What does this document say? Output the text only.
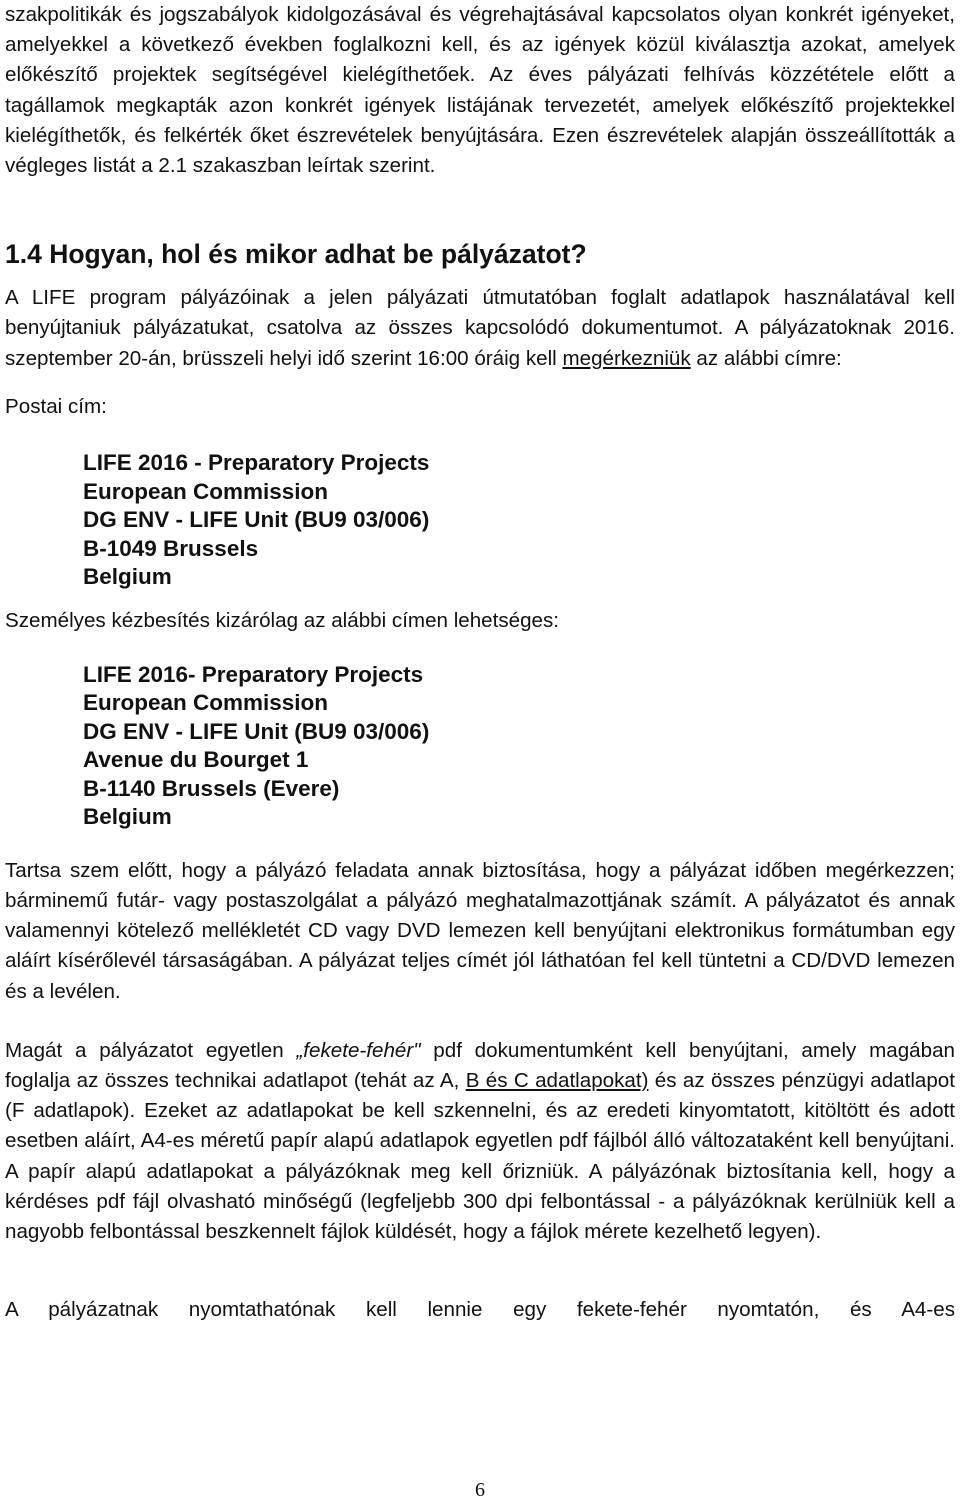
szakpolitikák és jogszabályok kidolgozásával és végrehajtásával kapcsolatos olyan konkrét igényeket, amelyekkel a következő években foglalkozni kell, és az igények közül kiválasztja azokat, amelyek előkészítő projektek segítségével kielégíthetőek. Az éves pályázati felhívás közzététele előtt a tagállamok megkapták azon konkrét igények listájának tervezetét, amelyek előkészítő projektekkel kielégíthetők, és felkérték őket észrevételek benyújtására. Ezen észrevételek alapján összeállították a végleges listát a 2.1 szakaszban leírtak szerint.

1.4 Hogyan, hol és mikor adhat be pályázatot?

A LIFE program pályázóinak a jelen pályázati útmutatóban foglalt adatlapok használatával kell benyújtaniuk pályázatukat, csatolva az összes kapcsolódó dokumentumot. A pályázatoknak 2016. szeptember 20-án, brüsszeli helyi idő szerint 16:00 óráig kell megérkezniük az alábbi címre:

Postai cím:

LIFE 2016 - Preparatory Projects
European Commission
DG ENV - LIFE Unit (BU9 03/006)
B-1049 Brussels
Belgium

Személyes kézbesítés kizárólag az alábbi címen lehetséges:

LIFE 2016- Preparatory Projects
European Commission
DG ENV - LIFE Unit (BU9 03/006)
Avenue du Bourget 1
B-1140 Brussels (Evere)
Belgium

Tartsa szem előtt, hogy a pályázó feladata annak biztosítása, hogy a pályázat időben megérkezzen; bárminemű futár- vagy postaszolgálat a pályázó meghatalmazottjának számít. A pályázatot és annak valamennyi kötelező mellékletét CD vagy DVD lemezen kell benyújtani elektronikus formátumban egy aláírt kísérőlevél társaságában. A pályázat teljes címét jól láthatóan fel kell tüntetni a CD/DVD lemezen és a levélen.

Magát a pályázatot egyetlen „fekete-fehér" pdf dokumentumként kell benyújtani, amely magában foglalja az összes technikai adatlapot (tehát az A, B és C adatlapokat) és az összes pénzügyi adatlapot (F adatlapok). Ezeket az adatlapokat be kell szkennelni, és az eredeti kinyomtatott, kitöltött és adott esetben aláírt, A4-es méretű papír alapú adatlapok egyetlen pdf fájlból álló változataként kell benyújtani. A papír alapú adatlapokat a pályázóknak meg kell őrizniük. A pályázónak biztosítania kell, hogy a kérdéses pdf fájl olvasható minőségű (legfeljebb 300 dpi felbontással - a pályázóknak kerülniük kell a nagyobb felbontással beszkennelt fájlok küldését, hogy a fájlok mérete kezelhető legyen).

A pályázatnak nyomtathatónak kell lennie egy fekete-fehér nyomtatón, és A4-es

6
